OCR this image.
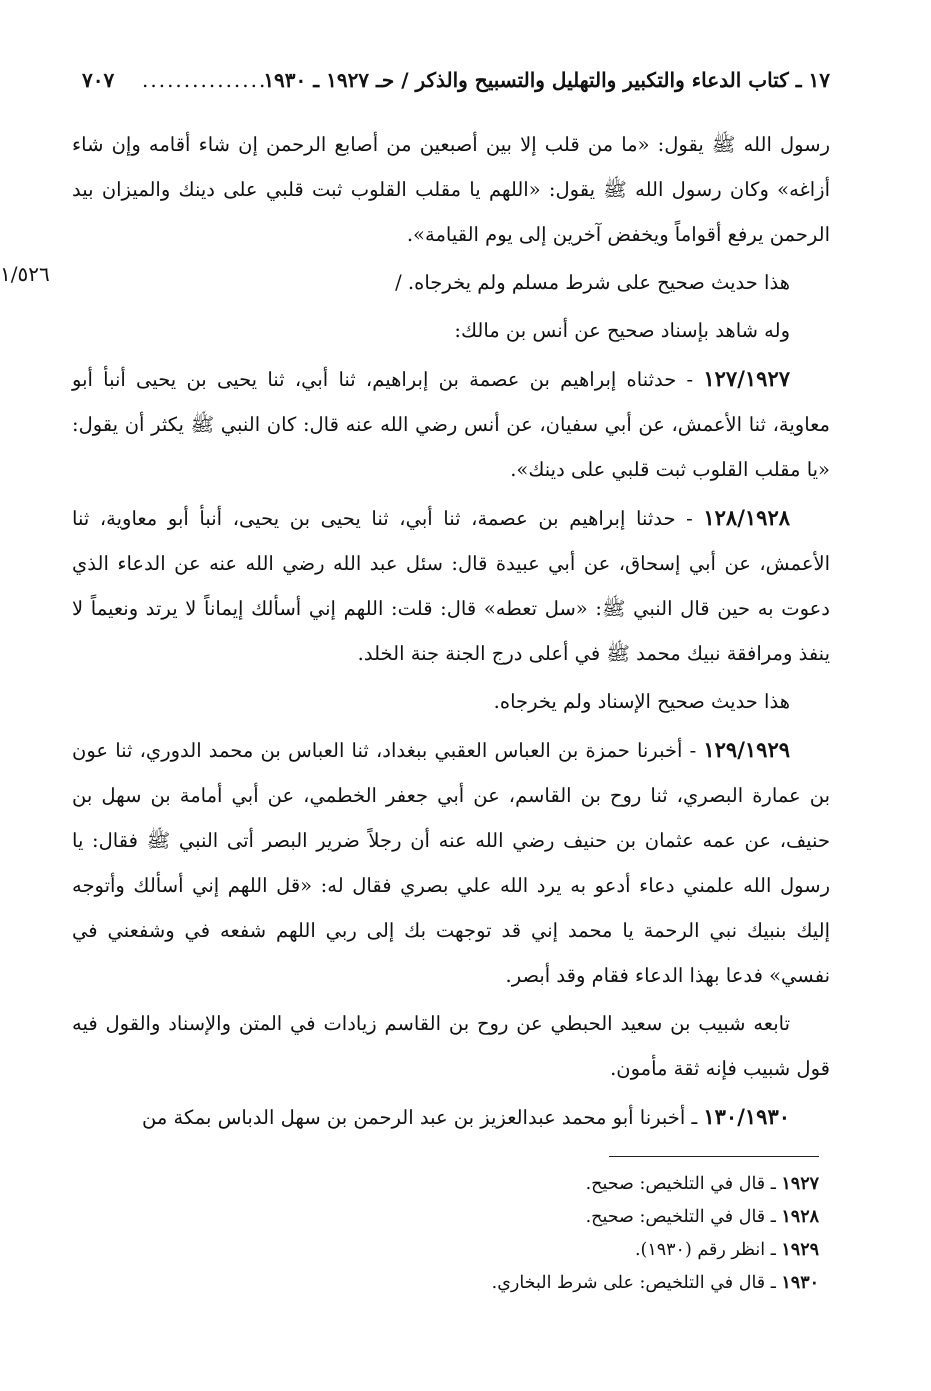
١٧ ـ كتاب الدعاء والتكبير والتهليل والتسبيح والذكر / حـ ١٩٢٧ ـ ١٩٣٠
...............
٧٠٧
١/٥٢٦

رسول الله ﷺ يقول: «ما من قلب إلا بين أصبعين من أصابع الرحمن إن شاء أقامه وإن شاء أزاغه» وكان رسول الله ﷺ يقول: «اللهم يا مقلب القلوب ثبت قلبي على دينك والميزان بيد الرحمن يرفع أقواماً ويخفض آخرين إلى يوم القيامة».

هذا حديث صحيح على شرط مسلم ولم يخرجاه. /

وله شاهد بإسناد صحيح عن أنس بن مالك:

١٢٧/١٩٢٧ - حدثناه إبراهيم بن عصمة بن إبراهيم، ثنا أبي، ثنا يحيى بن يحيى أنبأ أبو معاوية، ثنا الأعمش، عن أبي سفيان، عن أنس رضي الله عنه قال: كان النبي ﷺ يكثر أن يقول: «يا مقلب القلوب ثبت قلبي على دينك».

١٢٨/١٩٢٨ - حدثنا إبراهيم بن عصمة، ثنا أبي، ثنا يحيى بن يحيى، أنبأ أبو معاوية، ثنا الأعمش، عن أبي إسحاق، عن أبي عبيدة قال: سئل عبد الله رضي الله عنه عن الدعاء الذي دعوت به حين قال النبي ﷺ: «سل تعطه» قال: قلت: اللهم إني أسألك إيماناً لا يرتد ونعيماً لا ينفذ ومرافقة نبيك محمد ﷺ في أعلى درج الجنة جنة الخلد.

هذا حديث صحيح الإسناد ولم يخرجاه.

١٢٩/١٩٢٩ - أخبرنا حمزة بن العباس العقبي ببغداد، ثنا العباس بن محمد الدوري، ثنا عون بن عمارة البصري، ثنا روح بن القاسم، عن أبي جعفر الخطمي، عن أبي أمامة بن سهل بن حنيف، عن عمه عثمان بن حنيف رضي الله عنه أن رجلاً ضرير البصر أتى النبي ﷺ فقال: يا رسول الله علمني دعاء أدعو به يرد الله علي بصري فقال له: «قل اللهم إني أسألك وأتوجه إليك بنبيك نبي الرحمة يا محمد إني قد توجهت بك إلى ربي اللهم شفعه في وشفعني في نفسي» فدعا بهذا الدعاء فقام وقد أبصر.

تابعه شبيب بن سعيد الحبطي عن روح بن القاسم زيادات في المتن والإسناد والقول فيه قول شبيب فإنه ثقة مأمون.

١٣٠/١٩٣٠ ـ أخبرنا أبو محمد عبدالعزيز بن عبد الرحمن بن سهل الدباس بمكة من

١٩٢٧ ـ قال في التلخيص: صحيح.
١٩٢٨ ـ قال في التلخيص: صحيح.
١٩٢٩ ـ انظر رقم (١٩٣٠).
١٩٣٠ ـ قال في التلخيص: على شرط البخاري.
